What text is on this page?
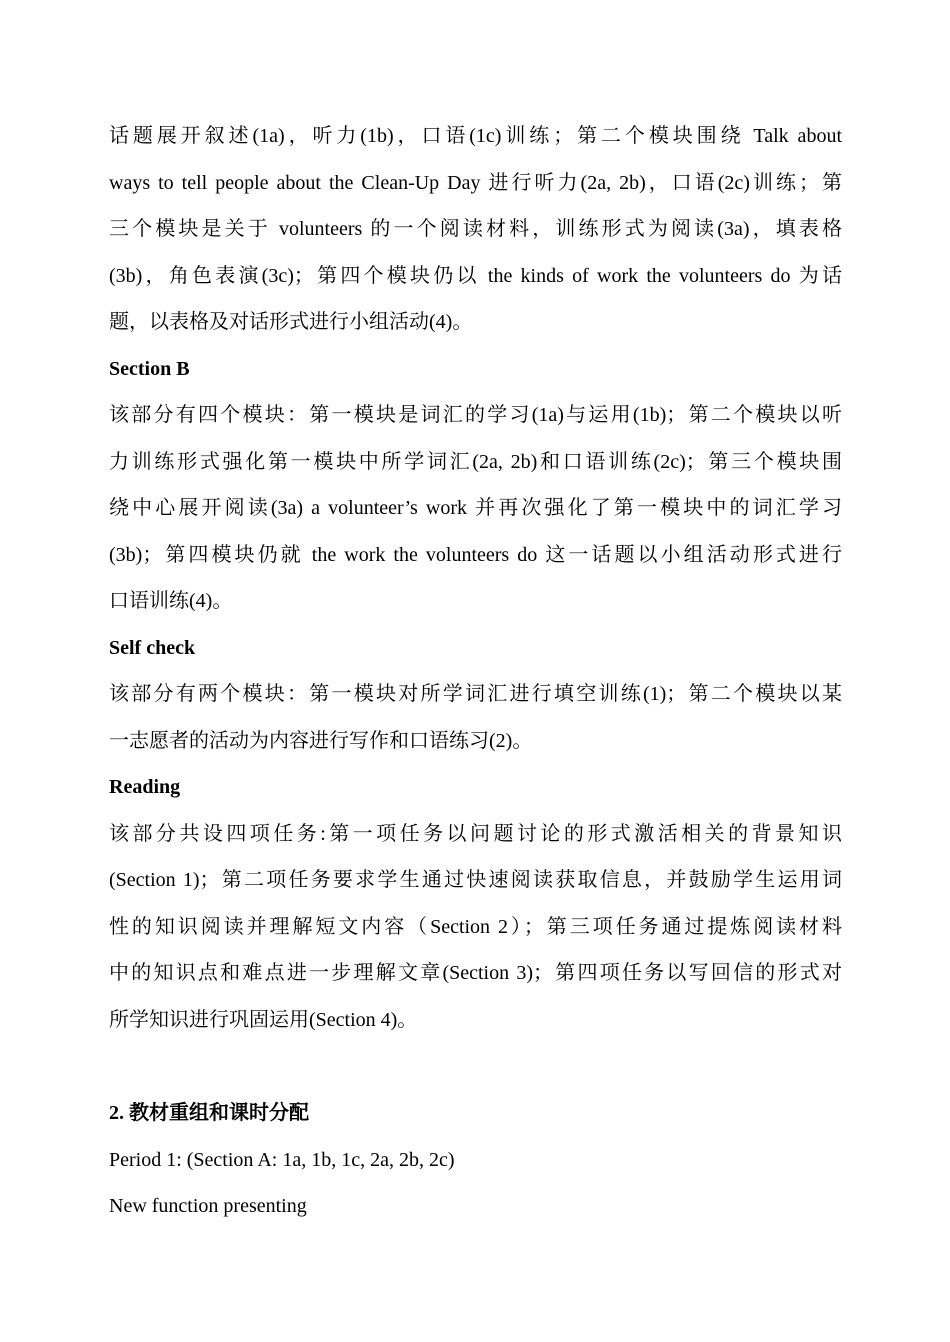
话题展开叙述(1a)，听力(1b)，口语(1c)训练；第二个模块围绕 Talk about
ways to tell people about the Clean-Up Day 进行听力(2a, 2b)，口语(2c)训练；第
三个模块是关于 volunteers 的一个阅读材料，训练形式为阅读(3a)，填表格
(3b)，角色表演(3c)；第四个模块仍以 the kinds of work the volunteers do 为话
题，以表格及对话形式进行小组活动(4)。
Section B
该部分有四个模块：第一模块是词汇的学习(1a)与运用(1b)；第二个模块以听
力训练形式强化第一模块中所学词汇(2a, 2b)和口语训练(2c)；第三个模块围
绕中心展开阅读(3a) a volunteer’s work 并再次强化了第一模块中的词汇学习
(3b)；第四模块仍就 the work the volunteers do 这一话题以小组活动形式进行
口语训练(4)。
Self check
该部分有两个模块：第一模块对所学词汇进行填空训练(1)；第二个模块以某
一志愿者的活动为内容进行写作和口语练习(2)。
Reading
该部分共设四项任务:第一项任务以问题讨论的形式激活相关的背景知识
(Section 1)；第二项任务要求学生通过快速阅读获取信息，并鼓励学生运用词
性的知识阅读并理解短文内容（Section 2）；第三项任务通过提炼阅读材料
中的知识点和难点进一步理解文章(Section 3)；第四项任务以写回信的形式对
所学知识进行巩固运用(Section 4)。
2. 教材重组和课时分配
Period 1: (Section A: 1a, 1b, 1c, 2a, 2b, 2c)
New function presenting
